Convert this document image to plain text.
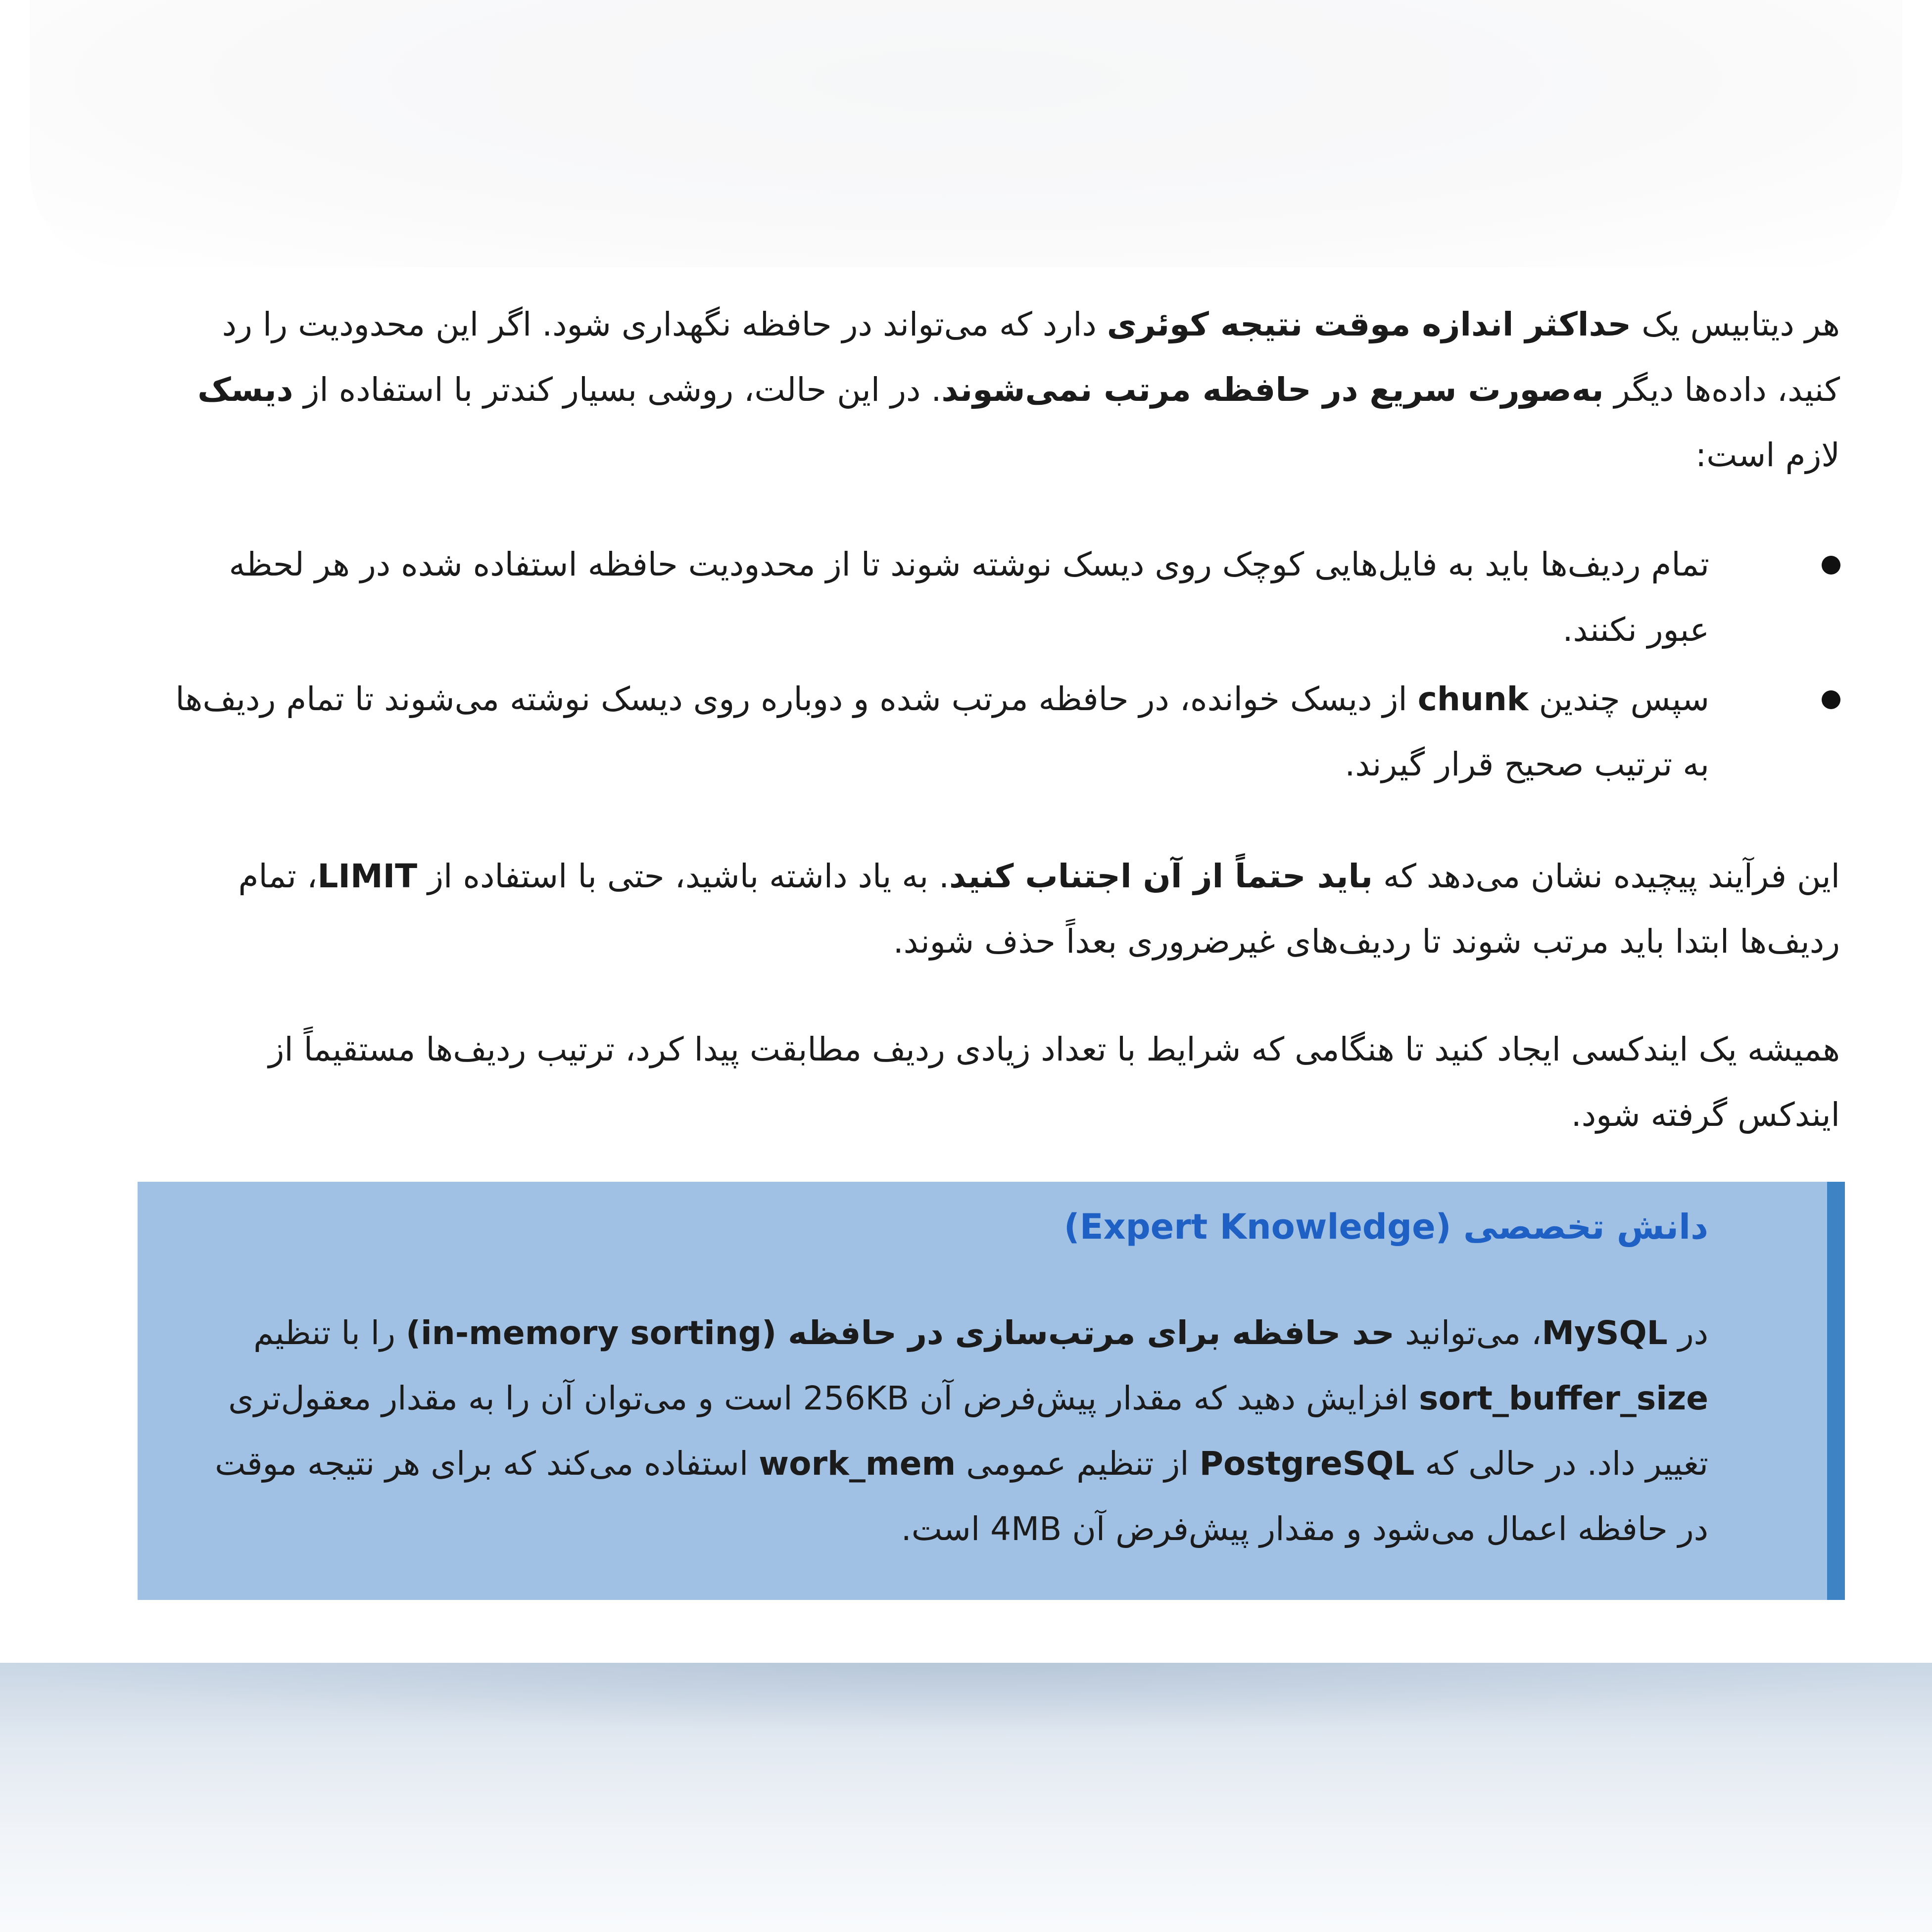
هر دیتابیس یک حداکثر اندازه موقت نتیجه کوئری دارد که می‌تواند در حافظه نگهداری شود. اگر این محدودیت را رد کنید، داده‌ها دیگر به‌صورت سریع در حافظه مرتب نمی‌شوند. در این حالت، روشی بسیار کندتر با استفاده از دیسک لازم است:

تمام ردیف‌ها باید به فایل‌هایی کوچک روی دیسک نوشته شوند تا از محدودیت حافظه استفاده شده در هر لحظه عبور نکنند.
سپس چندین chunk از دیسک خوانده، در حافظه مرتب شده و دوباره روی دیسک نوشته می‌شوند تا تمام ردیف‌ها به ترتیب صحیح قرار گیرند.

این فرآیند پیچیده نشان می‌دهد که باید حتماً از آن اجتناب کنید. به یاد داشته باشید، حتی با استفاده از LIMIT، تمام ردیف‌ها ابتدا باید مرتب شوند تا ردیف‌های غیرضروری بعداً حذف شوند.

همیشه یک ایندکسی ایجاد کنید تا هنگامی که شرایط با تعداد زیادی ردیف مطابقت پیدا کرد، ترتیب ردیف‌ها مستقیماً از ایندکس گرفته شود.

دانش تخصصی (Expert Knowledge)

در MySQL، می‌توانید حد حافظه برای مرتب‌سازی در حافظه (in-memory sorting) را با تنظیم sort_buffer_size افزایش دهید که مقدار پیش‌فرض آن 256KB است و می‌توان آن را به مقدار معقول‌تری تغییر داد. در حالی که PostgreSQL از تنظیم عمومی work_mem استفاده می‌کند که برای هر نتیجه موقت در حافظه اعمال می‌شود و مقدار پیش‌فرض آن 4MB است.
